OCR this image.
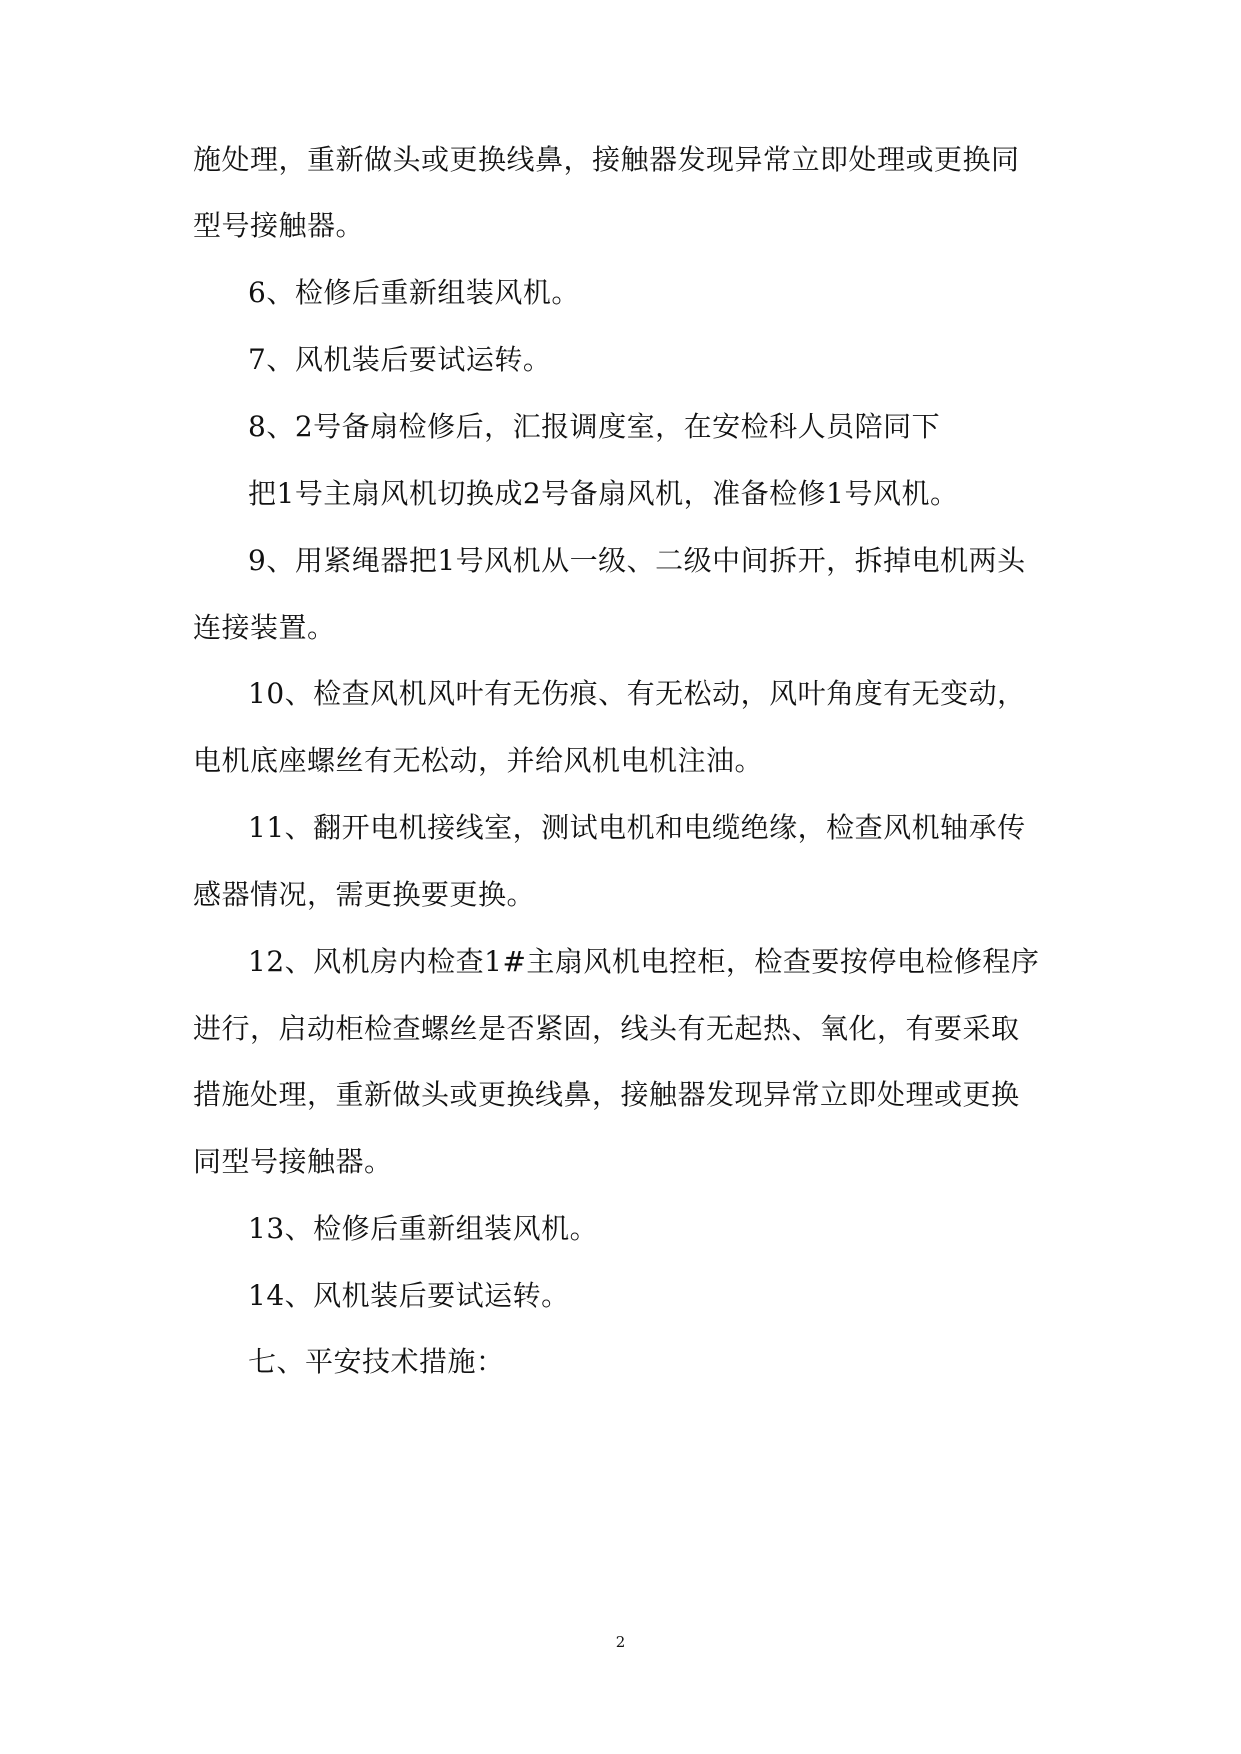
施处理，重新做头或更换线鼻，接触器发现异常立即处理或更换同
型号接触器。
6、检修后重新组装风机。
7、风机装后要试运转。
8、2号备扇检修后，汇报调度室，在安检科人员陪同下
把1号主扇风机切换成2号备扇风机，准备检修1号风机。
9、用紧绳器把1号风机从一级、二级中间拆开，拆掉电机两头
连接装置。
10、检查风机风叶有无伤痕、有无松动，风叶角度有无变动，
电机底座螺丝有无松动，并给风机电机注油。
11、翻开电机接线室，测试电机和电缆绝缘，检查风机轴承传
感器情况，需更换要更换。
12、风机房内检查1#主扇风机电控柜，检查要按停电检修程序
进行，启动柜检查螺丝是否紧固，线头有无起热、氧化，有要采取
措施处理，重新做头或更换线鼻，接触器发现异常立即处理或更换
同型号接触器。
13、检修后重新组装风机。
14、风机装后要试运转。
七、平安技术措施：
2
